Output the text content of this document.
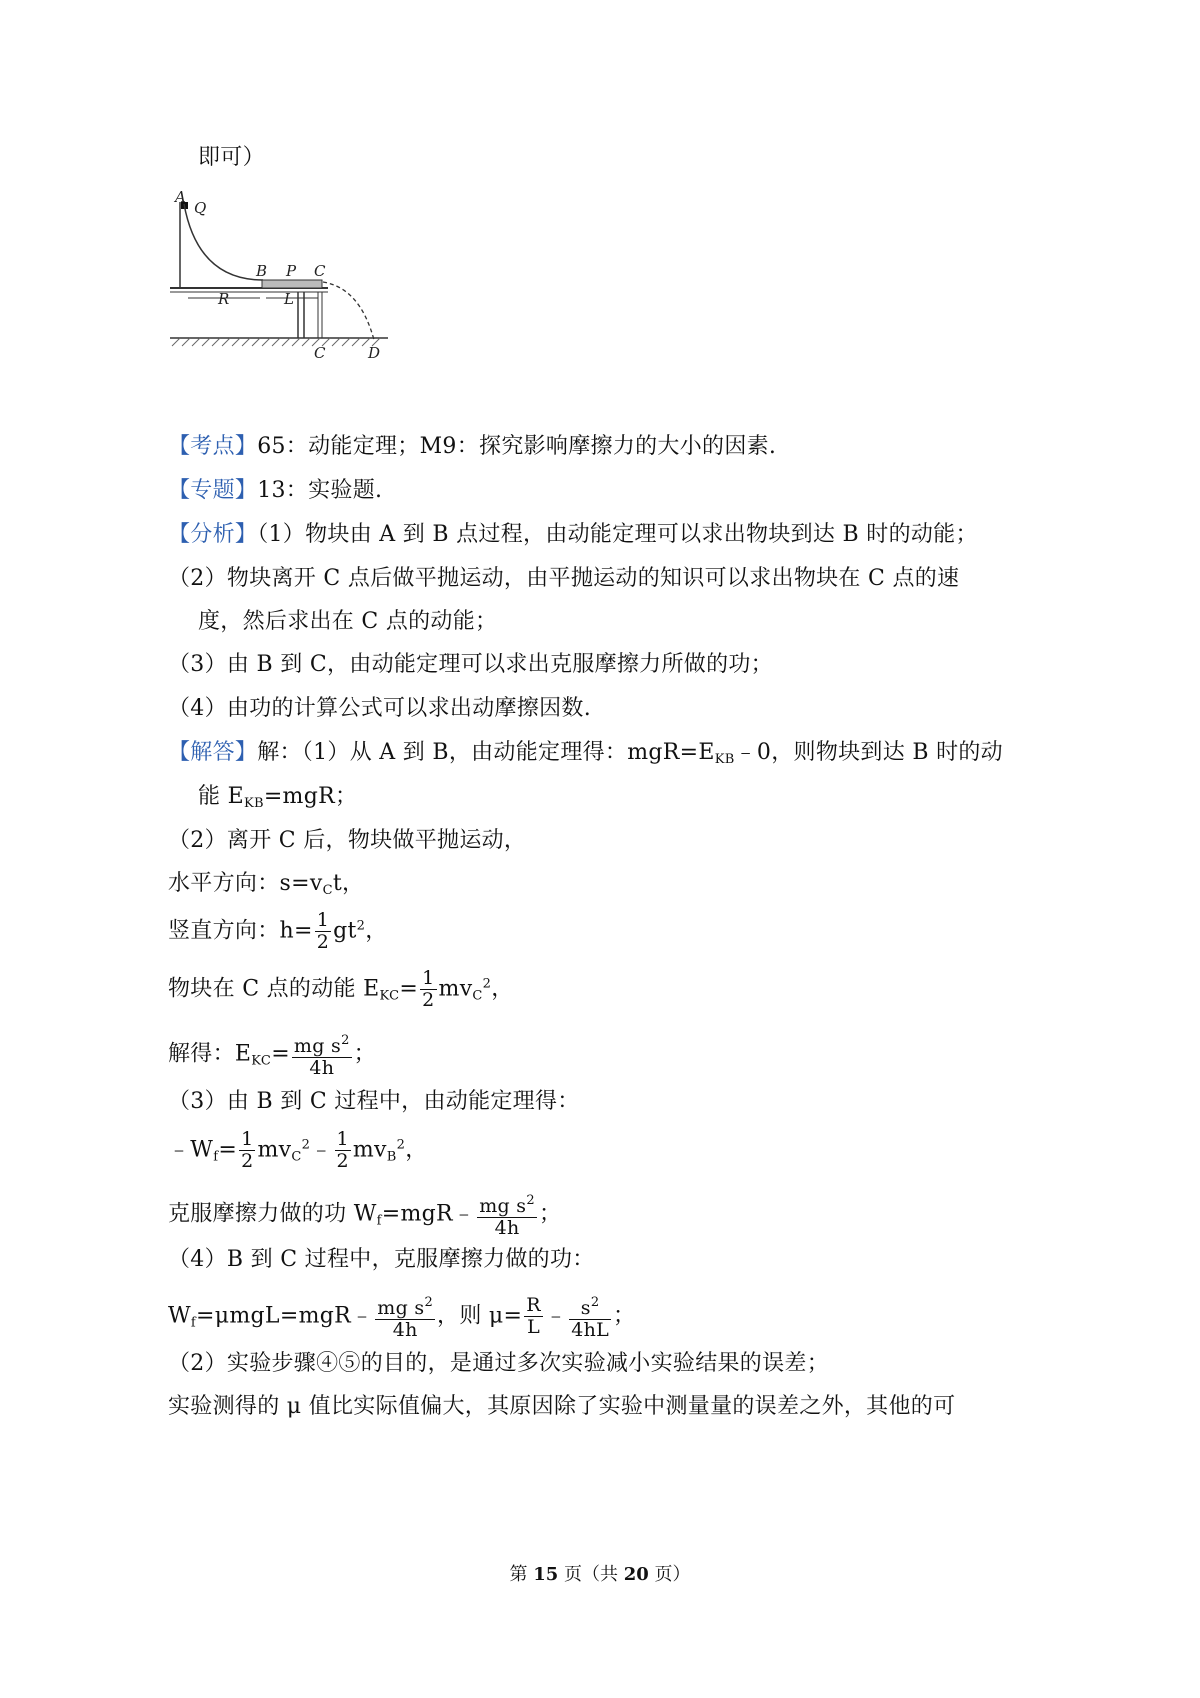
即可）
A
Q
B P C
R	L
C	D
【考点】65：动能定理；M9：探究影响摩擦力的大小的因素.
【专题】13：实验题.
【分析】（1）物块由 A 到 B 点过程，由动能定理可以求出物块到达 B 时的动能；
（2）物块离开 C 点后做平抛运动，由平抛运动的知识可以求出物块在 C 点的速
度，然后求出在 C 点的动能；
（3）由 B 到 C，由动能定理可以求出克服摩擦力所做的功；
（4）由功的计算公式可以求出动摩擦因数.
【解答】解：（1）从 A 到 B，由动能定理得：$mgR=E_{KB}﹣0$，则物块到达 B 时的动
能 $E_{KB}=mgR$；
（2）离开 C 后，物块做平抛运动，
水平方向：$s=v_Ct$，
竖直方向：$h= \frac{1}{2} gt^2$，
物块在 C 点的动能 $E_{KC}= \frac{1}{2} mv_C^2$，
解得：$E_{KC}= \frac{mg s^2}{4h}$ ；
（3）由 B 到 C 过程中，由动能定理得：
$﹣W_f= \frac{1}{2}$ $mv_C^2﹣ \frac{1}{2} mv_B^2$，
克服摩擦力做的功 $W_f=mgR﹣ \frac{mg s^2}{4h}$ ；
（4）B 到 C 过程中，克服摩擦力做的功：
$W_f=\mu mgL=mgR﹣ \frac{mg s^2}{4h}$ ，则 $\mu= \frac{R}{L}$ ﹣ $\frac{s^2}{4hL}$ ；
（2）实验步骤④⑤的目的，是通过多次实验减小实验结果的误差；
实验测得的 μ 值比实际值偏大，其原因除了实验中测量量的误差之外，其他的可
第 15 页（共 20 页）
